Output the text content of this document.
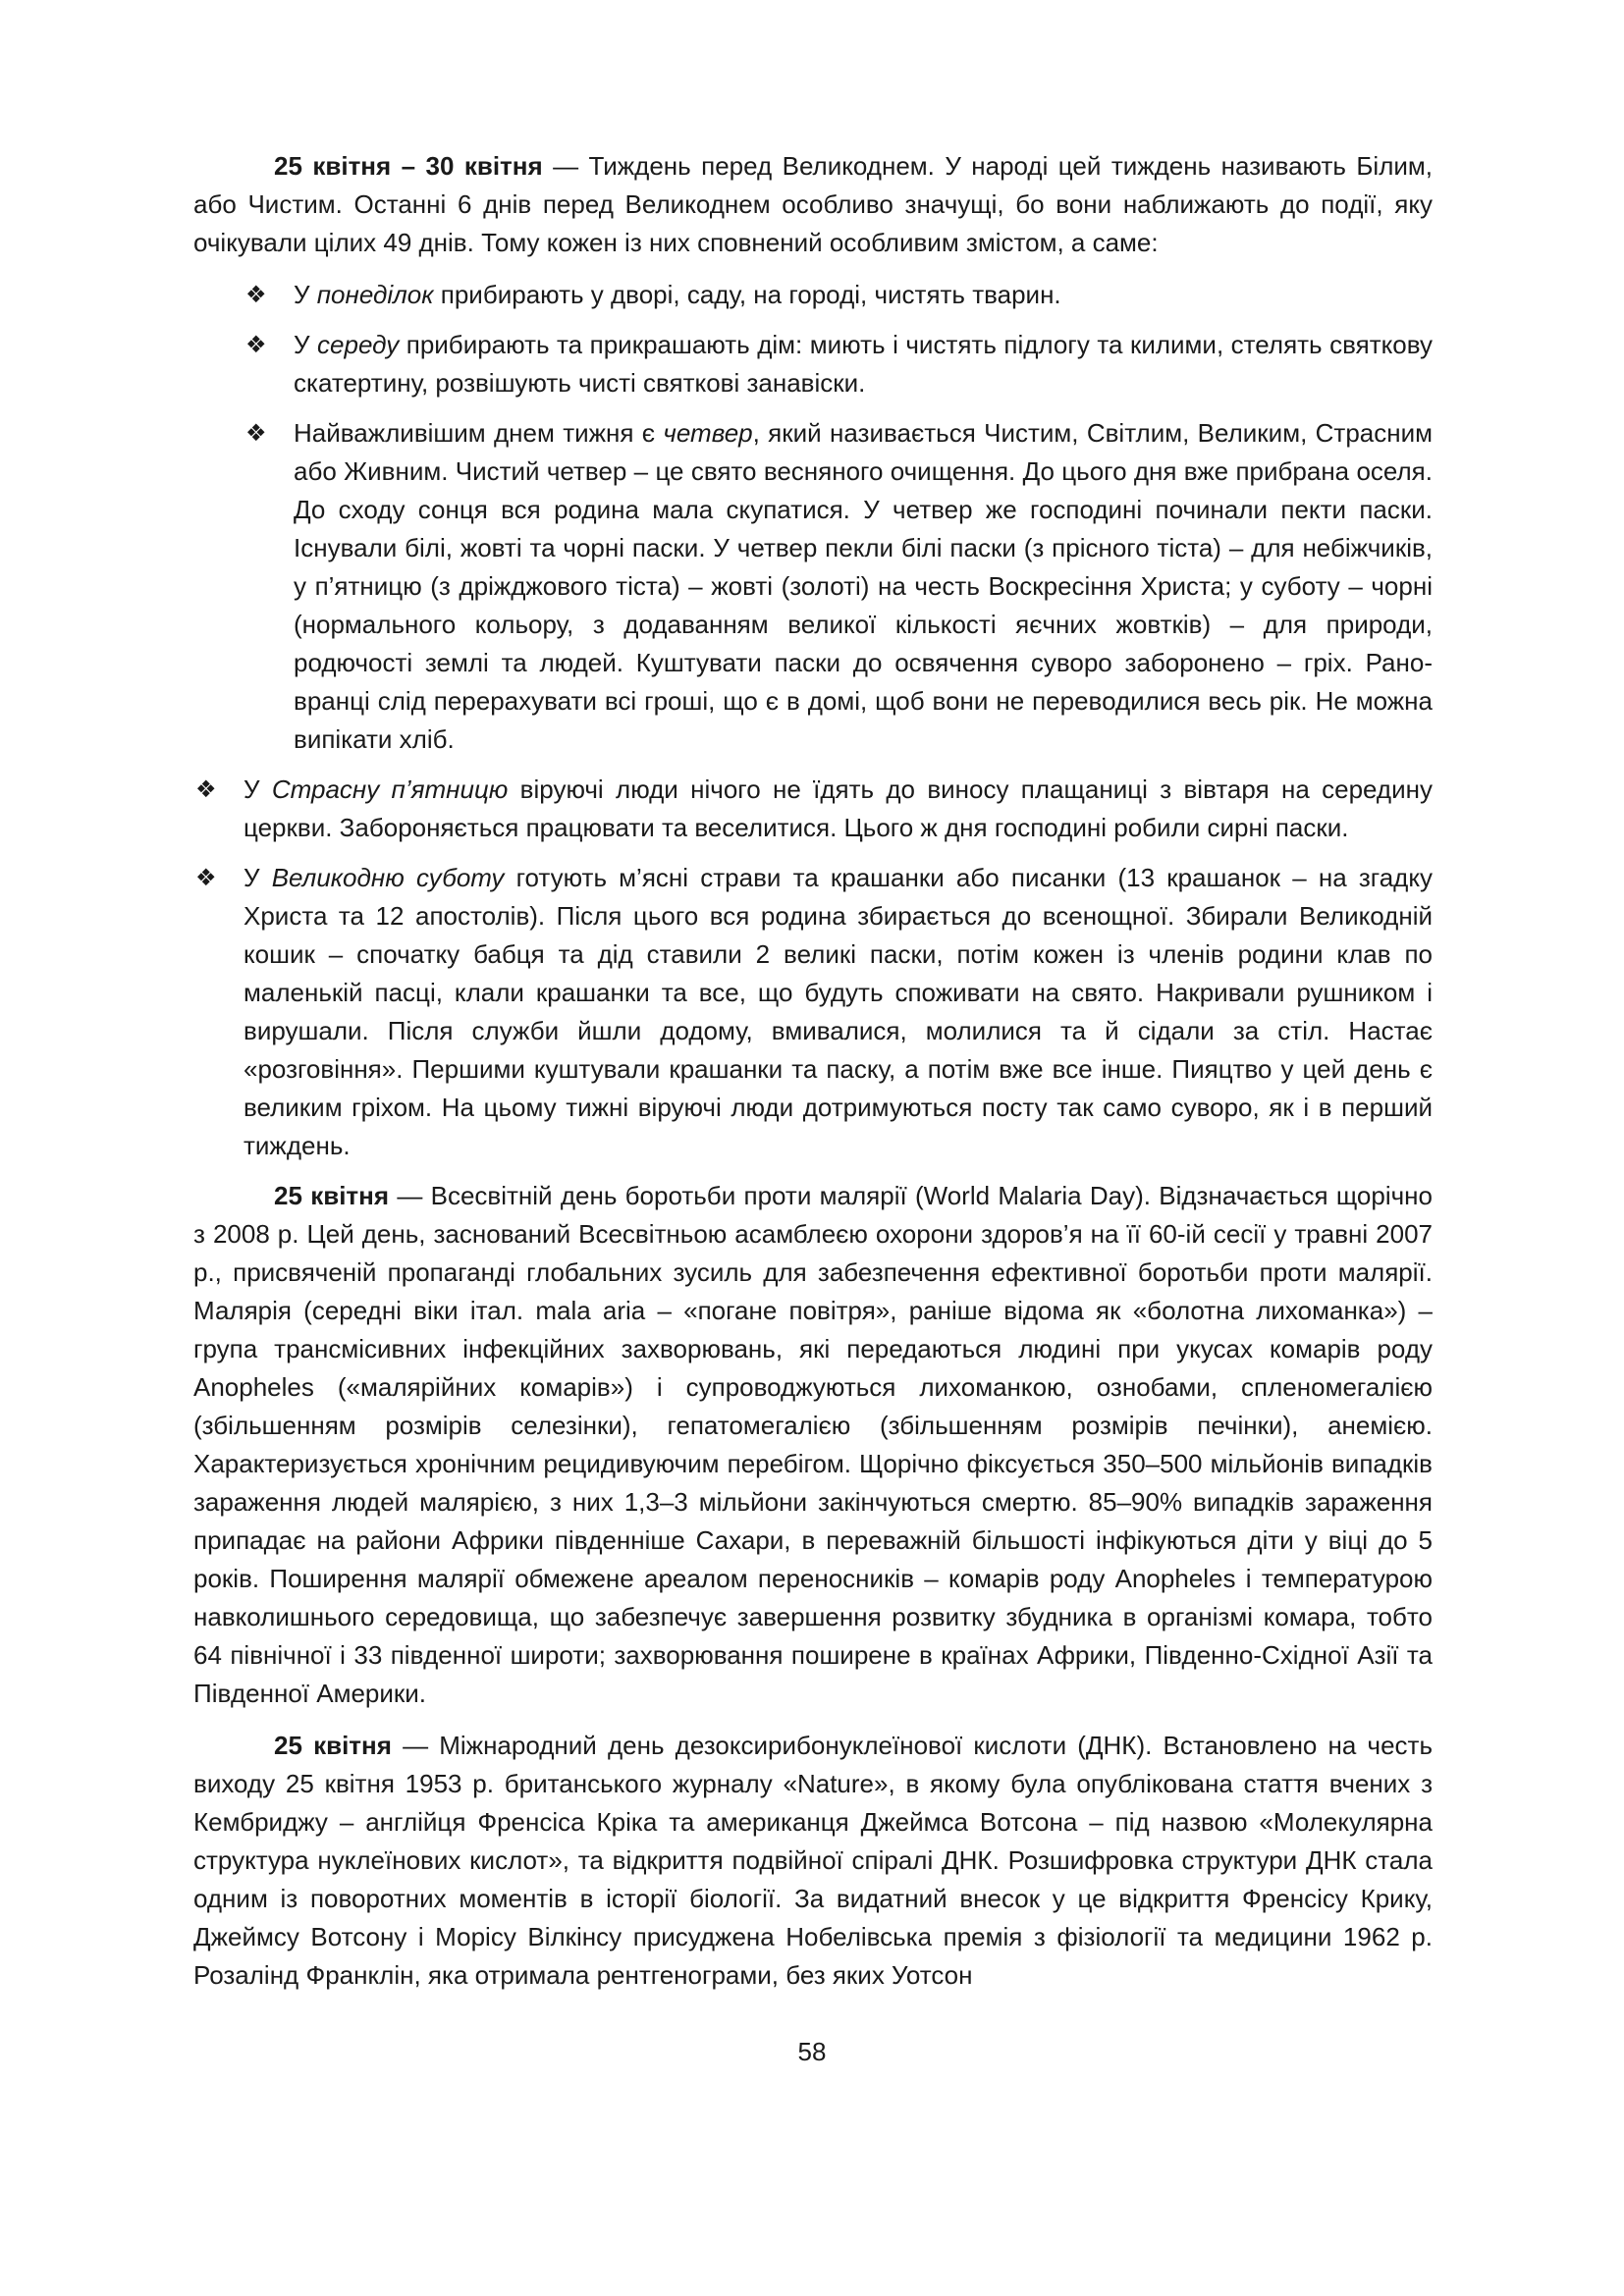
25 квітня – 30 квітня — Тиждень перед Великоднем. У народі цей тиждень називають Білим, або Чистим. Останні 6 днів перед Великоднем особливо значущі, бо вони наближають до події, яку очікували цілих 49 днів. Тому кожен із них сповнений особливим змістом, а саме:

❖ У понеділок прибирають у дворі, саду, на городі, чистять тварин.
❖ У середу прибирають та прикрашають дім: миють і чистять підлогу та килими, стелять святкову скатертину, розвішують чисті святкові занавіски.
❖ Найважливішим днем тижня є четвер, який називається Чистим, Світлим, Великим, Страсним або Живним. Чистий четвер – це свято весняного очищення. До цього дня вже прибрана оселя. До сходу сонця вся родина мала скупатися. У четвер же господині починали пекти паски. Існували білі, жовті та чорні паски. У четвер пекли білі паски (з прісного тіста) – для небіжчиків, у п’ятницю (з дріжджового тіста) – жовті (золоті) на честь Воскресіння Христа; у суботу – чорні (нормального кольору, з додаванням великої кількості яєчних жовтків) – для природи, родючості землі та людей. Куштувати паски до освячення суворо заборонено – гріх. Рано-вранці слід перерахувати всі гроші, що є в домі, щоб вони не переводилися весь рік. Не можна випікати хліб.
❖ У Страсну п’ятницю віруючі люди нічого не їдять до виносу плащаниці з вівтаря на середину церкви. Забороняється працювати та веселитися. Цього ж дня господині робили сирні паски.
❖ У Великодню суботу готують м’ясні страви та крашанки або писанки (13 крашанок – на згадку Христа та 12 апостолів). Після цього вся родина збирається до всенощної. Збирали Великодній кошик – спочатку бабця та дід ставили 2 великі паски, потім кожен із членів родини клав по маленькій пасці, клали крашанки та все, що будуть споживати на свято. Накривали рушником і вирушали. Після служби йшли додому, вмивалися, молилися та й сідали за стіл. Настає «розговіння». Першими куштували крашанки та паску, а потім вже все інше. Пияцтво у цей день є великим гріхом. На цьому тижні віруючі люди дотримуються посту так само суворо, як і в перший тиждень.

25 квітня — Всесвітній день боротьби проти малярії (World Malaria Day). Відзначається щорічно з 2008 р. Цей день, заснований Всесвітньою асамблеєю охорони здоров’я на її 60-ій сесії у травні 2007 р., присвяченій пропаганді глобальних зусиль для забезпечення ефективної боротьби проти малярії. Малярія (середні віки італ. mala aria – «погане повітря», раніше відома як «болотна лихоманка») – група трансмісивних інфекційних захворювань, які передаються людині при укусах комарів роду Anopheles («малярійних комарів») і супроводжуються лихоманкою, ознобами, спленомегалією (збільшенням розмірів селезінки), гепатомегалією (збільшенням розмірів печінки), анемією. Характеризується хронічним рецидивуючим перебігом. Щорічно фіксується 350–500 мільйонів випадків зараження людей малярією, з них 1,3–3 мільйони закінчуються смертю. 85–90% випадків зараження припадає на райони Африки південніше Сахари, в переважній більшості інфікуються діти у віці до 5 років. Поширення малярії обмежене ареалом переносників – комарів роду Anopheles і температурою навколишнього середовища, що забезпечує завершення розвитку збудника в організмі комара, тобто 64 північної і 33 південної широти; захворювання поширене в країнах Африки, Південно-Східної Азії та Південної Америки.

25 квітня — Міжнародний день дезоксирибонуклеїнової кислоти (ДНК). Встановлено на честь виходу 25 квітня 1953 р. британського журналу «Nature», в якому була опублікована стаття вчених з Кембриджу – англійця Френсіса Кріка та американця Джеймса Вотсона – під назвою «Молекулярна структура нуклеїнових кислот», та відкриття подвійної спіралі ДНК. Розшифровка структури ДНК стала одним із поворотних моментів в історії біології. За видатний внесок у це відкриття Френсісу Крику, Джеймсу Вотсону і Морісу Вілкінсу присуджена Нобелівська премія з фізіології та медицини 1962 р. Розалінд Франклін, яка отримала рентгенограми, без яких Уотсон

58
